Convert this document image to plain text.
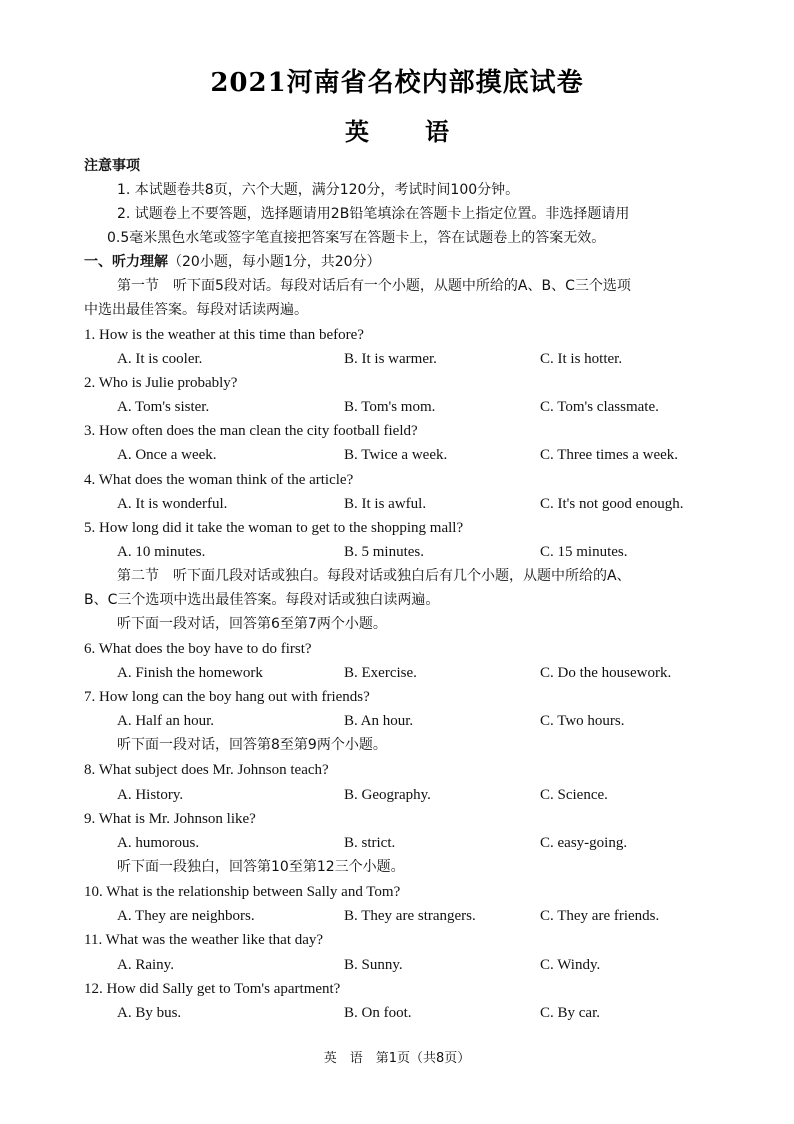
2021河南省名校内部摸底试卷
英　语
注意事项
1. 本试题卷共8页，六个大题，满分120分，考试时间100分钟。
2. 试题卷上不要答题，选择题请用2B铅笔填涂在答题卡上指定位置。非选择题请用
0.5毫米黑色水笔或签字笔直接把答案写在答题卡上，答在试题卷上的答案无效。
一、听力理解（20小题，每小题1分，共20分）
第一节　听下面5段对话。每段对话后有一个小题，从题中所给的A、B、C三个选项
中选出最佳答案。每段对话读两遍。
1. How is the weather at this time than before?
A. It is cooler.	B. It is warmer.	C. It is hotter.
2. Who is Julie probably?
A. Tom's sister.	B. Tom's mom.	C. Tom's classmate.
3. How often does the man clean the city football field?
A. Once a week.	B. Twice a week.	C. Three times a week.
4. What does the woman think of the article?
A. It is wonderful.	B. It is awful.	C. It's not good enough.
5. How long did it take the woman to get to the shopping mall?
A. 10 minutes.	B. 5 minutes.	C. 15 minutes.
第二节　听下面几段对话或独白。每段对话或独白后有几个小题，从题中所给的A、
B、C三个选项中选出最佳答案。每段对话或独白读两遍。
听下面一段对话，回答第6至第7两个小题。
6. What does the boy have to do first?
A. Finish the homework	B. Exercise.	C. Do the housework.
7. How long can the boy hang out with friends?
A. Half an hour.	B. An hour.	C. Two hours.
听下面一段对话，回答第8至第9两个小题。
8. What subject does Mr. Johnson teach?
A. History.	B. Geography.	C. Science.
9. What is Mr. Johnson like?
A. humorous.	B. strict.	C. easy-going.
听下面一段独白，回答第10至第12三个小题。
10. What is the relationship between Sally and Tom?
A. They are neighbors.	B. They are strangers.	C. They are friends.
11. What was the weather like that day?
A. Rainy.	B. Sunny.	C. Windy.
12. How did Sally get to Tom's apartment?
A. By bus.	B. On foot.	C. By car.
英　语　第1页（共8页）
